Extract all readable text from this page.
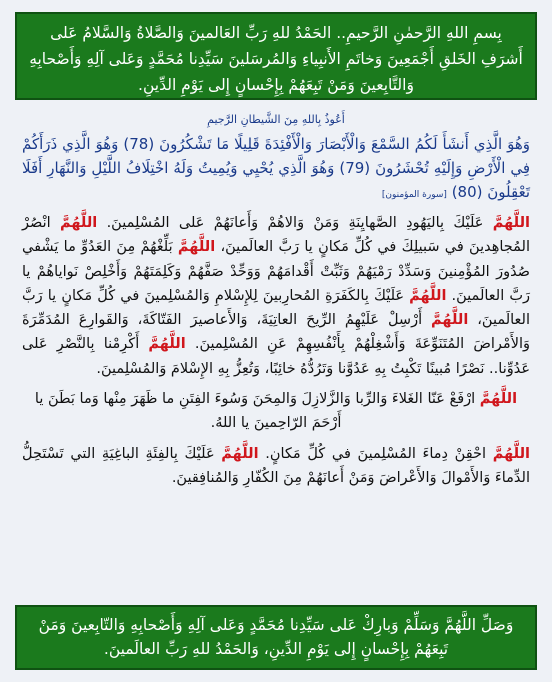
بِسمِ اللهِ الرَّحمٰنِ الرَّحيمِ.. الحَمْدُ للهِ رَبِّ العَالمينَ وَالصَّلاةُ وَالسَّلامُ عَلى أَشرَفِ الخَلقِ أَجْمَعِينَ وَخاتَمِ الأَنبِياءِ وَالمُرسَلينَ سَيِّدِنا مُحَمَّدٍ وَعَلى آلِهِ وَأَصْحابِهِ وَالتَّابِعينَ وَمَنْ تَبِعَهُمْ بِإِحْسانٍ إِلى يَوْمِ الدِّينِ.

أَعُوذُ بِاللهِ مِنَ الشَّيطانِ الرَّجيمِ

وَهُوَ الَّذِي أَنشَأَ لَكُمُ السَّمْعَ وَالْأَبْصَارَ وَالْأَفْئِدَةَ قَلِيلًا مَا تَشْكُرُونَ (78) وَهُوَ الَّذِي ذَرَأَكُمْ فِي الْأَرْضِ وَإِلَيْهِ تُحْشَرُونَ (79) وَهُوَ الَّذِي يُحْيِي وَيُمِيتُ وَلَهُ اخْتِلَافُ اللَّيْلِ وَالنَّهَارِ أَفَلَا تَعْقِلُونَ (80) [سورة المؤمنون]

اللَّهُمَّ عَلَيْكَ بِاليَهُودِ الصَّهايِنَةِ وَمَنْ وَالاهُمْ وَأَعانَهُمْ عَلى المُسْلِمينَ. اللَّهُمَّ انْصُرْ المُجاهِدينَ في سَبيلِكَ في كُلِّ مَكانٍ يا رَبَّ العالَمينَ، اللَّهُمَّ بَلِّغْهُمْ مِنَ العَدُوِّ ما يَشْفي صُدُورَ المُؤْمِنينَ وَسَدِّدْ رَمْيَهُمْ وَثَبِّتْ أَقْدامَهُمْ وَوَحِّدْ صَفَّهُمْ وَكَلِمَتَهُمْ وَأَخْلِصْ نَواياهُمْ يا رَبَّ العالَمينَ. اللَّهُمَّ عَلَيْكَ بِالكَفَرَةِ المُحارِبينَ لِلإِسْلامِ وَالمُسْلِمينَ في كُلِّ مَكانٍ يا رَبَّ العالَمينَ، اللَّهُمَّ أَرْسِلْ عَلَيْهِمُ الرِّيحَ العاتِيَةَ، وَالأَعاصيرَ الفَتّاكَةَ، وَالقَوارِعَ المُدَمِّرَةَ وَالأَمْراضَ المُتَنَوِّعَةَ وَأَشْغِلْهُمْ بِأَنْفُسِهِمْ عَنِ المُسْلِمينَ. اللَّهُمَّ أَكْرِمْنا بِالنَّصْرِ عَلى عَدُوِّنا.. نَصْرًا مُبينًا تَكْبِتُ بِهِ عَدُوَّنا وَتَرُدُّهُ خائِبًا، وَتُعِزُّ بِهِ الإِسْلامَ وَالمُسْلِمينَ.

اللَّهُمَّ ارْفَعْ عَنّا الغَلاءَ وَالرِّبا وَالزَّلازِلَ وَالمِحَنَ وَسُوءَ الفِتَنِ ما ظَهَرَ مِنْها وَما بَطَنَ يا أَرْحَمَ الرّاحِمينَ يا اللهُ.

اللَّهُمَّ احْقِنْ دِماءَ المُسْلِمينَ في كُلِّ مَكانٍ. اللَّهُمَّ عَلَيْكَ بِالفِئَةِ الباغِيَةِ التي تَسْتَحِلُّ الدِّماءَ وَالأَمْوالَ وَالأَعْراضَ وَمَنْ أَعانَهُمْ مِنَ الكُفّارِ وَالمُنافِقينَ.

وَصَلِّ اللَّهُمَّ وَسَلِّمْ وَبارِكْ عَلى سَيِّدِنا مُحَمَّدٍ وَعَلى آلِهِ وَأَصْحابِهِ وَالتّابِعينَ وَمَنْ تَبِعَهُمْ بِإِحْسانٍ إِلى يَوْمِ الدِّينِ، وَالحَمْدُ للهِ رَبِّ العالَمينَ.
